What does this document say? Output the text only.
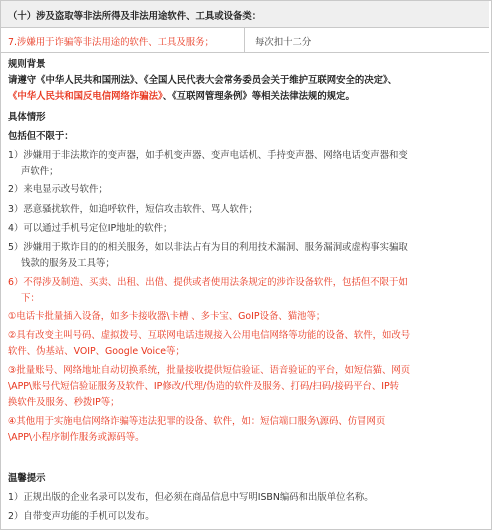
（十）涉及盗取等非法所得及非法用途软件、工具或设备类：
7.涉嫌用于诈骗等非法用途的软件、工具及服务；	每次扣十二分
规则背景
请遵守《中华人民共和国刑法》、《全国人民代表大会常务委员会关于维护互联网安全的决定》、
《中华人民共和国反电信网络诈骗法》、《互联网管理条例》等相关法律法规的规定。
具体情形
包括但不限于：
1）涉嫌用于非法欺诈的变声器，如手机变声器、变声电话机、手持变声器、网络电话变声器和变
声软件；
2）来电显示改号软件；
3）恶意骚扰软件，如追呼软件，短信攻击软件、骂人软件；
4）可以通过手机号定位IP地址的软件；
5）涉嫌用于欺诈目的的相关服务，如以非法占有为目的利用技术漏洞、服务漏洞或虚构事实骗取
钱款的服务及工具等；
6）不得涉及制造、买卖、出租、出借、提供或者使用法条规定的涉诈设备软件，包括但不限于如
下：
①电话卡批量插入设备，如多卡接收器\卡槽 、多卡宝、GoIP设备、猫池等；
②具有改变主叫号码、虚拟拨号、互联网电话违规接入公用电信网络等功能的设备、软件，如改号
软件、伪基站、VOIP、Google Voice等；
③批量账号、网络地址自动切换系统，批量接收提供短信验证、语音验证的平台，如短信猫、网页
\APP\账号代短信验证服务及软件、IP修改/代理/伪造的软件及服务、打码/扫码/接码平台、IP转
换软件及服务、秒拨IP等；
④其他用于实施电信网络诈骗等违法犯罪的设备、软件，如：短信端口服务\源码、仿冒网页
\APP\小程序制作服务或源码等。
温馨提示
1）正规出版的企业名录可以发布，但必须在商品信息中写明ISBN编码和出版单位名称。
2）自带变声功能的手机可以发布。
